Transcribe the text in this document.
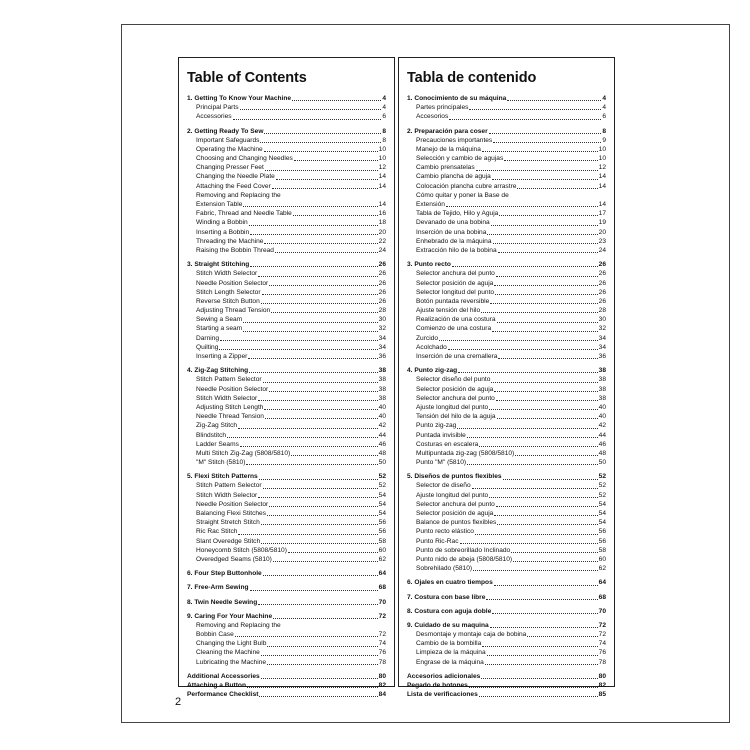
Table of Contents
1. Getting To Know Your Machine	4
Principal Parts	4
Accessories	6
2. Getting Ready To Sew	8
Important Safeguards	8
Operating the Machine	10
Choosing and Changing Needles	10
Changing Presser Feet	12
Changing the Needle Plate	14
Attaching the Feed Cover	14
Removing and Replacing the
Extension Table	14
Fabric, Thread and Needle Table	16
Winding a Bobbin	18
Inserting a Bobbin	20
Threading the Machine	22
Raising the Bobbin Thread	24
3. Straight Stitching	26
Stitch Width Selector	26
Needle Position Selector	26
Stitch Length Selector	26
Reverse Stitch Button	26
Adjusting Thread Tension	28
Sewing a Seam	30
Starting a seam	32
Darning	34
Quilting	34
Inserting a Zipper	36
4. Zig-Zag Stitching	38
Stitch Pattern Selector	38
Needle Position Selector	38
Stitch Width Selector	38
Adjusting Stitch Length	40
Needle Thread Tension	40
Zig-Zag Stitch	42
Blindstitch	44
Ladder Seams	46
Multi Stitch Zig-Zag (5808/5810)	48
"M" Stitch (5810)	50
5. Flexi Stitch Patterns	52
Stitch Pattern Selector	52
Stitch Width Selector	54
Needle Position Selector	54
Balancing Flexi Stitches	54
Straight Stretch Stitch	56
Ric Rac Stitch	56
Slant Overedge Stitch	58
Honeycomb Stitch (5808/5810)	60
Overedged Seams (5810)	62
6. Four Step Buttonhole	64
7. Free-Arm Sewing	68
8. Twin Needle Sewing	70
9. Caring For Your Machine	72
Removing and Replacing the
Bobbin Case	72
Changing the Light Bulb	74
Cleaning the Machine	76
Lubricating the Machine	78
Additional Accessories	80
Attaching a Button	82
Performance Checklist	84
Tabla de contenido
1. Conocimiento de su máquina	4
Partes principales	4
Accesorios	6
2. Preparación para coser	8
Precauciones importantes	9
Manejo de la máquina	10
Selección y cambio de agujas	10
Cambio prensatelas	12
Cambio plancha de aguja	14
Colocación plancha cubre arrastre	14
Cómo quitar y poner la Base de
Extensión	14
Tabla de Tejido, Hilo y Aguja	17
Devanado de una bobina	19
Inserción de una bobina	20
Enhebrado de la máquina	23
Extracción hilo de la bobina	24
3. Punto recto	26
Selector anchura del punto	26
Selector posición de aguja	26
Selector longitud del punto	26
Botón puntada reversible	26
Ajuste tensión del hilo	28
Realización de una costura	30
Comienzo de una costura	32
Zurcido	34
Acolchado	34
Inserción de una cremallera	36
4. Punto zig-zag	38
Selector diseño del punto	38
Selector posición de aguja	38
Selector anchura del punto	38
Ajuste longitud del punto	40
Tensión del hilo de la aguja	40
Punto zig-zag	42
Puntada invisible	44
Costuras en escalera	46
Multipuntada zig-zag (5808/5810)	48
Punto "M" (5810)	50
5. Diseños de puntos flexibles	52
Selector de diseño	52
Ajuste longitud del punto	52
Selector anchura del punto	54
Selector posición de aguja	54
Balance de puntos flexibles	54
Punto recto elástico	56
Punto Ric-Rac	56
Punto de sobreorillado Inclinado	58
Punto nido de abeja (5808/5810)	60
Sobrehilado (5810)	62
6. Ojales en cuatro tiempos	64
7. Costura con base libre	68
8. Costura con aguja doble	70
9. Cuidado de su maquina	72
Desmontaje y montaje caja de bobina	72
Cambio de la bombilla	74
Limpieza de la máquina	76
Engrase de la máquina	78
Accesorios adicionales	80
Pegado de botones	82
Lista de verificaciones	85
2
